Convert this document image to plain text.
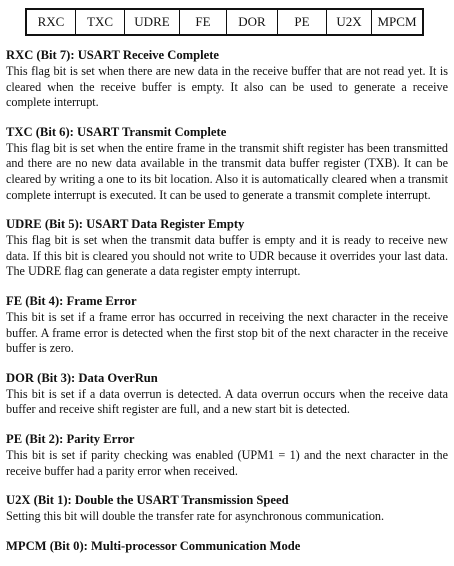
RXC	TXC	UDRE	FE	DOR	PE	U2X	MPCM
RXC (Bit 7): USART Receive Complete

This flag bit is set when there are new data in the receive buffer that are not read yet. It is cleared when the receive buffer is empty. It also can be used to generate a receive complete interrupt.

TXC (Bit 6): USART Transmit Complete

This flag bit is set when the entire frame in the transmit shift register has been transmitted and there are no new data available in the transmit data buffer register (TXB). It can be cleared by writing a one to its bit location. Also it is automatically cleared when a transmit complete interrupt is executed. It can be used to generate a transmit complete interrupt.

UDRE (Bit 5): USART Data Register Empty

This flag bit is set when the transmit data buffer is empty and it is ready to receive new data. If this bit is cleared you should not write to UDR because it overrides your last data. The UDRE flag can generate a data register empty interrupt.

FE (Bit 4): Frame Error

This bit is set if a frame error has occurred in receiving the next character in the receive buffer. A frame error is detected when the first stop bit of the next character in the receive buffer is zero.

DOR (Bit 3): Data OverRun

This bit is set if a data overrun is detected. A data overrun occurs when the receive data buffer and receive shift register are full, and a new start bit is detected.

PE (Bit 2): Parity Error

This bit is set if parity checking was enabled (UPM1 = 1) and the next character in the receive buffer had a parity error when received.

U2X (Bit 1): Double the USART Transmission Speed

Setting this bit will double the transfer rate for asynchronous communication.

MPCM (Bit 0): Multi-processor Communication Mode
